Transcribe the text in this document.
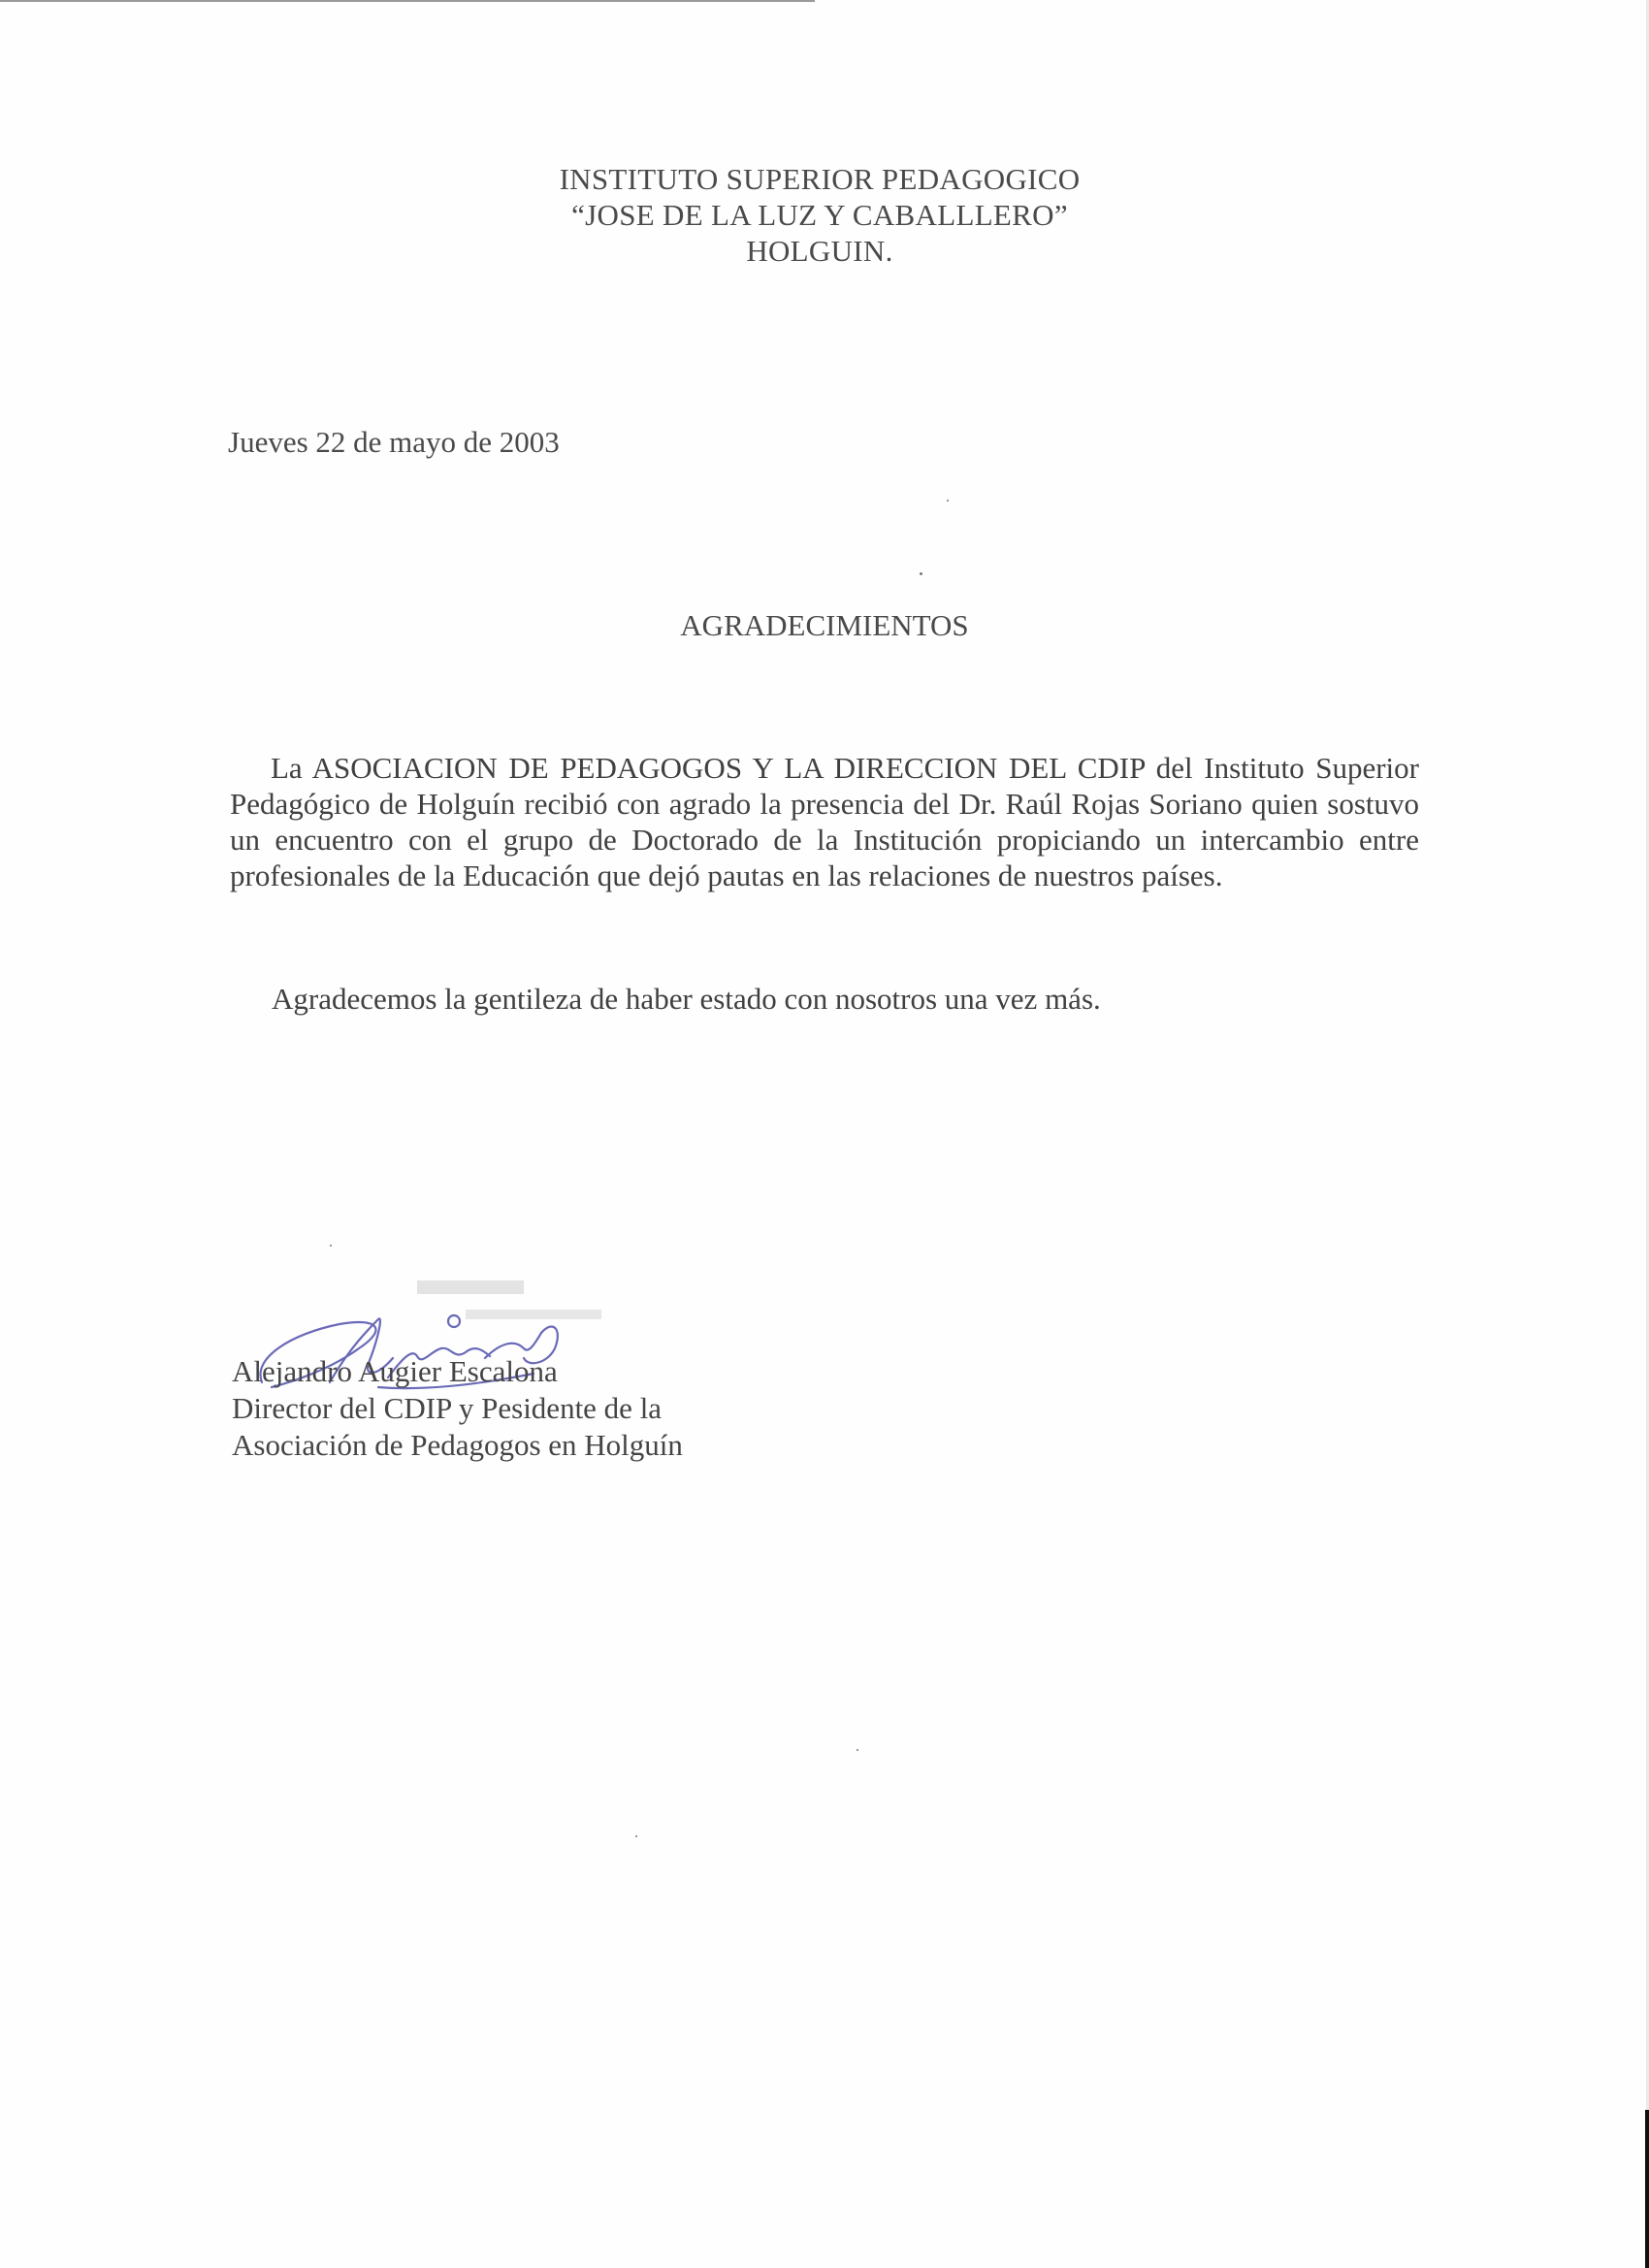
INSTITUTO SUPERIOR PEDAGOGICO
“JOSE DE LA LUZ Y CABALLLERO”
HOLGUIN.
Jueves 22 de mayo de 2003
AGRADECIMIENTOS

La ASOCIACION DE PEDAGOGOS Y LA DIRECCION DEL CDIP del Instituto Superior Pedagógico de Holguín recibió con agrado la presencia del Dr. Raúl Rojas Soriano quien sostuvo un encuentro con el grupo de Doctorado de la Institución propiciando un intercambio entre profesionales de la Educación que dejó pautas en las relaciones de nuestros países.

Agradecemos la gentileza de haber estado con nosotros una vez más.
Alejandro Augier Escalona
Director del CDIP y Pesidente de la
Asociación de Pedagogos en Holguín
